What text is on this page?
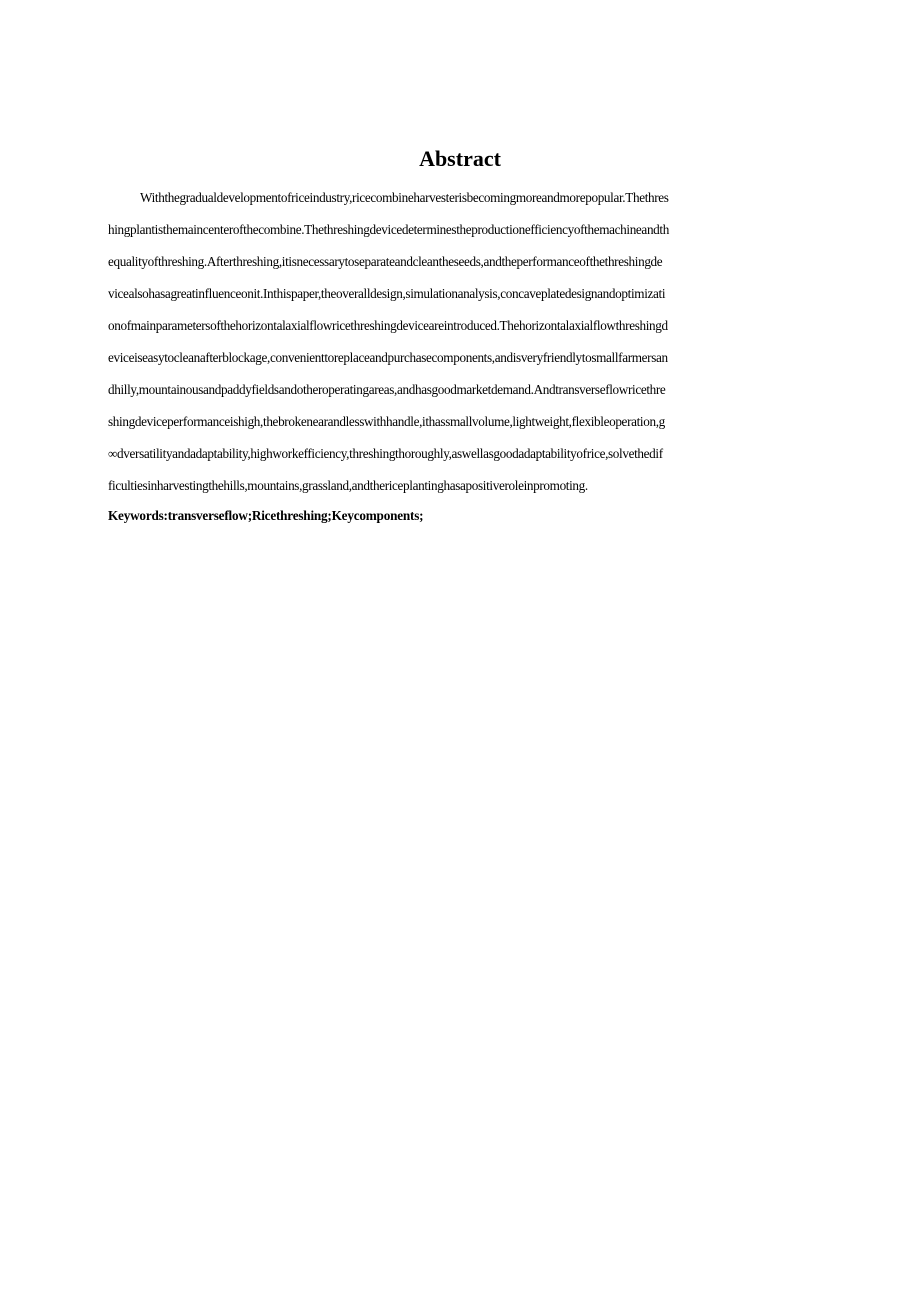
Abstract
Withthegradualdevelopmentofriceindustry,ricecombineharvesterisbecomingmoreandmorepopular.Thethres
hingplantisthemaincenterofthecombine.Thethreshingdevicedeterminestheproductionefficiencyofthemachineandth
equalityofthreshing.Afterthreshing,itisnecessarytoseparateandcleantheseeds,andtheperformanceofthethreshingde
vicealsohasagreatinfluenceonit.Inthispaper,theoveralldesign,simulationanalysis,concaveplatedesignandoptimizati
onofmainparametersofthehorizontalaxialflowricethreshingdeviceareintroduced.Thehorizontalaxialflowthreshingd
eviceiseasytocleanafterblockage,convenienttoreplaceandpurchasecomponents,andisveryfriendlytosmallfarmersan
dhilly,mountainousandpaddyfieldsandotheroperatingareas,andhasgoodmarketdemand.Andtransverseflowricethre
shingdeviceperformanceishigh,thebrokenearandlesswithhandle,ithassmallvolume,lightweight,flexibleoperation,g
∞dversatilityandadaptability,highworkefficiency,threshingthoroughly,aswellasgoodadaptabilityofrice,solvethedif
ficultiesinharvestingthehills,mountains,grassland,andthericeplantinghasapositiveroleinpromoting.
Keywords:transverseflow;Ricethreshing;Keycomponents;
